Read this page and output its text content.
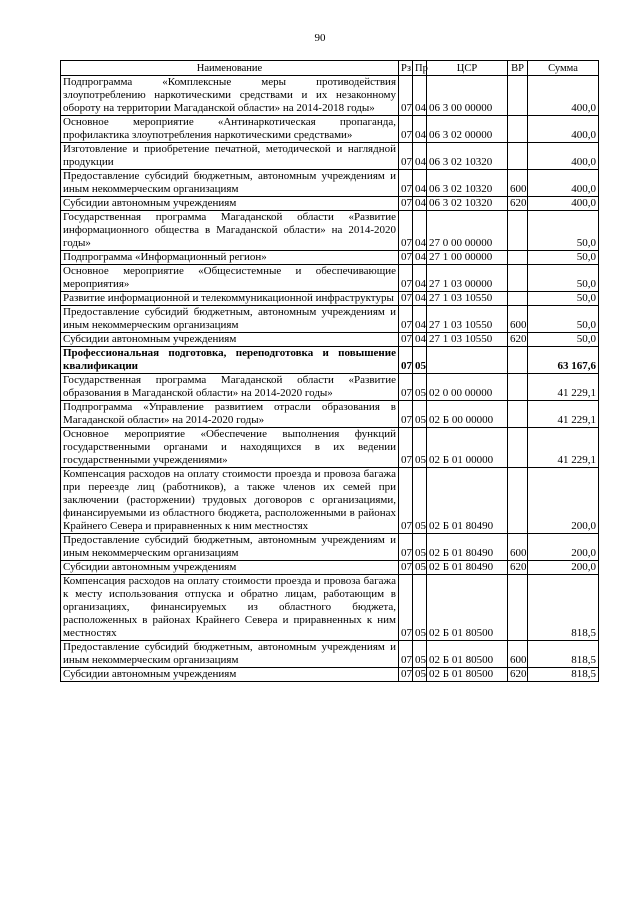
90
Наименование	Рз	Пр	ЦСР	ВР	Сумма
Подпрограмма «Комплексные меры противодействия злоупотреблению наркотическими средствами и их незаконному обороту на территории Магаданской области» на 2014-2018 годы»	07	04	06 3 00 00000		400,0
Основное мероприятие «Антинаркотическая пропаганда, профилактика злоупотребления наркотическими средствами»	07	04	06 3 02 00000		400,0
Изготовление и приобретение печатной, методической и наглядной продукции	07	04	06 3 02 10320		400,0
Предоставление субсидий бюджетным, автономным учреждениям и иным некоммерческим организациям	07	04	06 3 02 10320	600	400,0
Субсидии автономным учреждениям	07	04	06 3 02 10320	620	400,0
Государственная программа Магаданской области «Развитие информационного общества в Магаданской области» на 2014-2020 годы»	07	04	27 0 00 00000		50,0
Подпрограмма «Информационный регион»	07	04	27 1 00 00000		50,0
Основное мероприятие «Общесистемные и обеспечивающие мероприятия»	07	04	27 1 03 00000		50,0
Развитие информационной и телекоммуникационной инфраструктуры	07	04	27 1 03 10550		50,0
Предоставление субсидий бюджетным, автономным учреждениям и иным некоммерческим организациям	07	04	27 1 03 10550	600	50,0
Субсидии автономным учреждениям	07	04	27 1 03 10550	620	50,0
Профессиональная подготовка, переподготовка и повышение квалификации	07	05			63 167,6
Государственная программа Магаданской области «Развитие образования в Магаданской области» на 2014-2020 годы»	07	05	02 0 00 00000		41 229,1
Подпрограмма «Управление развитием отрасли образования в Магаданской области» на 2014-2020 годы»	07	05	02 Б 00 00000		41 229,1
Основное мероприятие «Обеспечение выполнения функций государственными органами и находящихся в их ведении государственными учреждениями»	07	05	02 Б 01 00000		41 229,1
Компенсация расходов на оплату стоимости проезда и провоза багажа при переезде лиц (работников), а также членов их семей при заключении (расторжении) трудовых договоров с организациями, финансируемыми из областного бюджета, расположенными в районах Крайнего Севера и приравненных к ним местностях	07	05	02 Б 01 80490		200,0
Предоставление субсидий бюджетным, автономным учреждениям и иным некоммерческим организациям	07	05	02 Б 01 80490	600	200,0
Субсидии автономным учреждениям	07	05	02 Б 01 80490	620	200,0
Компенсация расходов на оплату стоимости проезда и провоза багажа к месту использования отпуска и обратно лицам, работающим в организациях, финансируемых из областного бюджета, расположенных в районах Крайнего Севера и приравненных к ним местностях	07	05	02 Б 01 80500		818,5
Предоставление субсидий бюджетным, автономным учреждениям и иным некоммерческим организациям	07	05	02 Б 01 80500	600	818,5
Субсидии автономным учреждениям	07	05	02 Б 01 80500	620	818,5
